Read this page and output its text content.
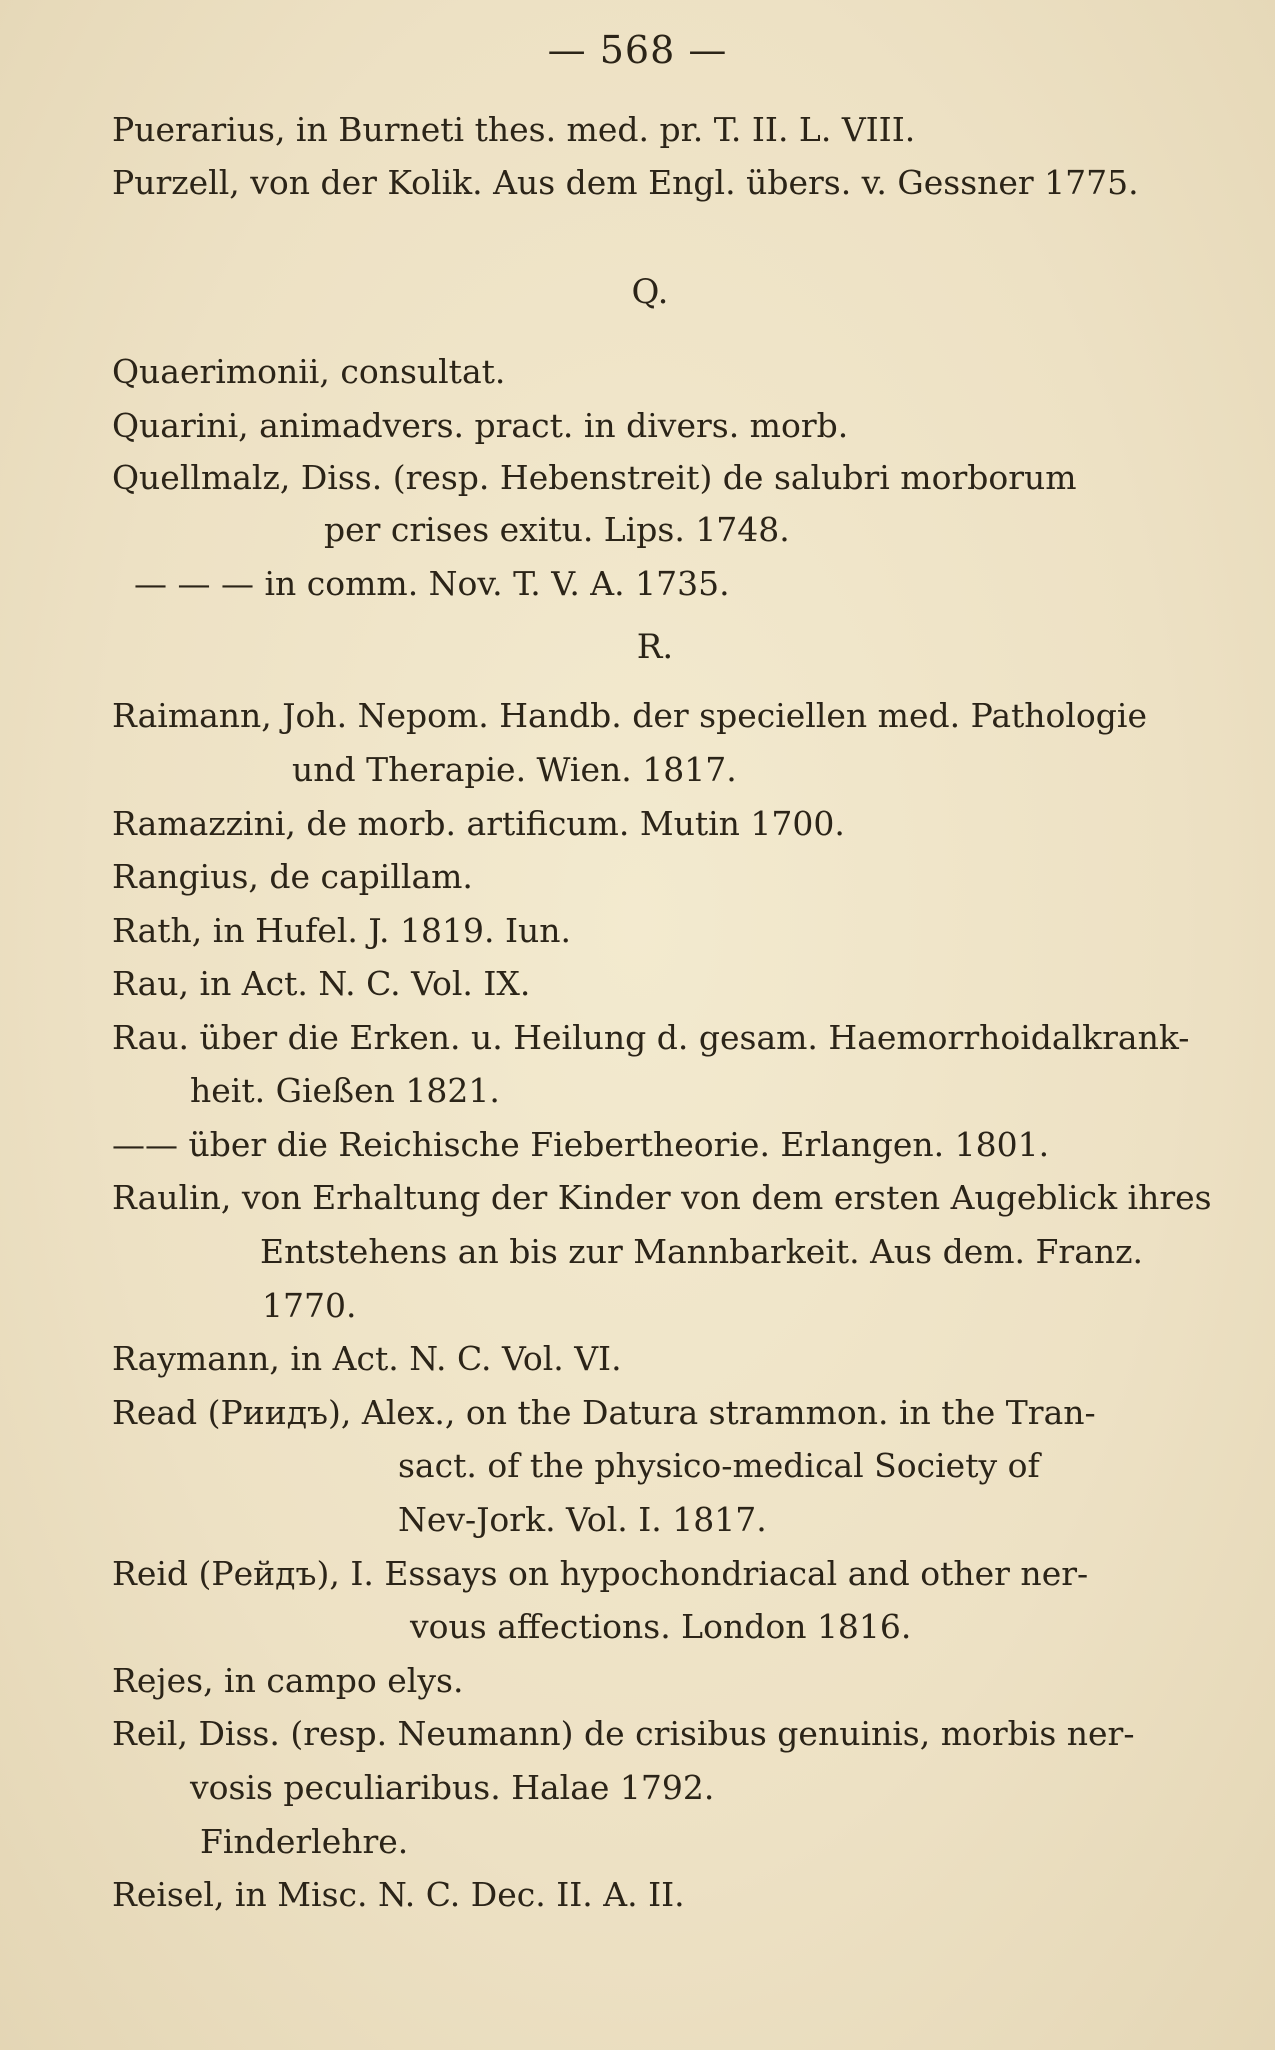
— 568 —
Puerarius, in Burneti thes. med. pr. T. II. L. VIII.
Purzell, von der Kolik. Aus dem Engl. übers. v. Gessner 1775.
Q.
Quaerimonii, consultat.
Quarini, animadvers. pract. in divers. morb.
Quellmalz, Diss. (resp. Hebenstreit) de salubri morborum
per crises exitu. Lips. 1748.
— — — in comm. Nov. T. V. A. 1735.
R.
Raimann, Joh. Nepom. Handb. der speciellen med. Pathologie
und Therapie. Wien. 1817.
Ramazzini, de morb. artificum. Mutin 1700.
Rangius, de capillam.
Rath, in Hufel. J. 1819. Iun.
Rau, in Act. N. C. Vol. IX.
Rau. über die Erken. u. Heilung d. gesam. Haemorrhoidalkrank-
heit. Gießen 1821.
—— über die Reichische Fiebertheorie. Erlangen. 1801.
Raulin, von Erhaltung der Kinder von dem ersten Augeblick ihres
Entstehens an bis zur Mannbarkeit. Aus dem. Franz.
1770.
Raymann, in Act. N. C. Vol. VI.
Read (Риидъ), Alex., on the Datura strammon. in the Tran-
sact. of the physico-medical Society of
Nev-Jork. Vol. I. 1817.
Reid (Рейдъ), I. Essays on hypochondriacal and other ner-
vous affections. London 1816.
Rejes, in campo elys.
Reil, Diss. (resp. Neumann) de crisibus genuinis, morbis ner-
vosis peculiaribus. Halae 1792.
Finderlehre.
Reisel, in Misc. N. C. Dec. II. A. II.
